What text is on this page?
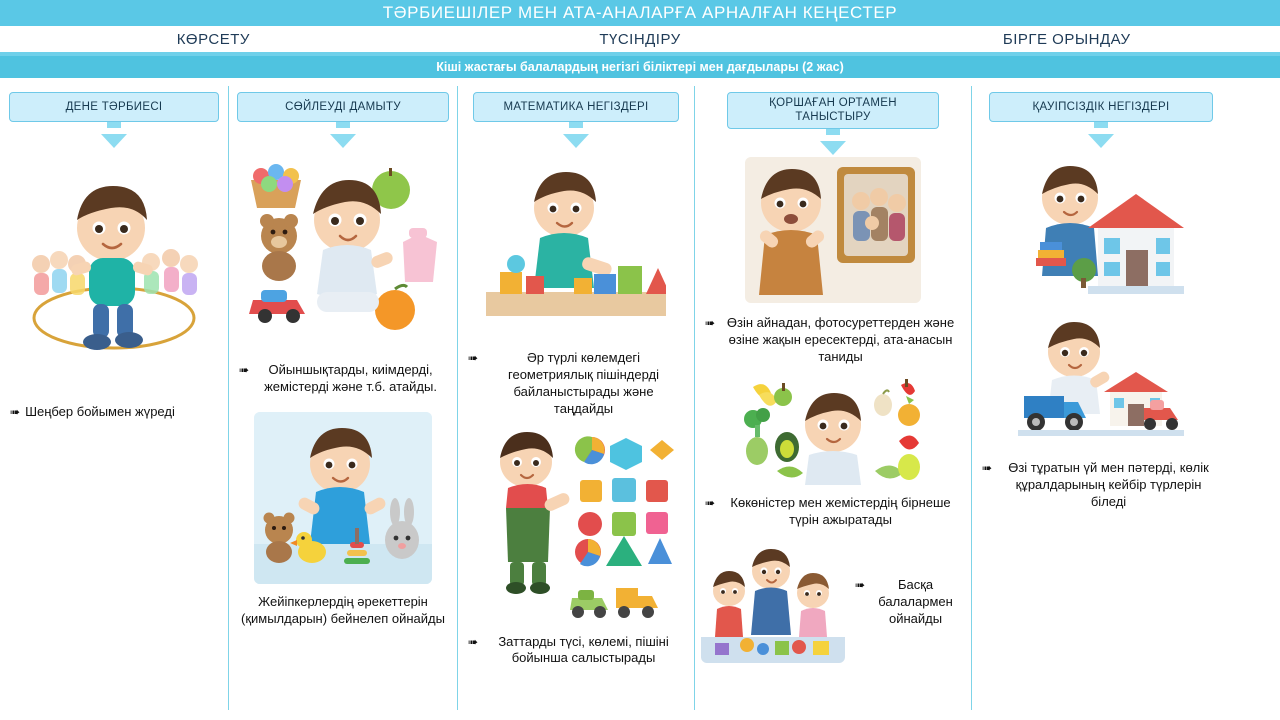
ТӘРБИЕШІЛЕР МЕН АТА-АНАЛАРҒА АРНАЛҒАН КЕҢЕСТЕР
КӨРСЕТУ	ТҮСІНДІРУ	БІРГЕ ОРЫНДАУ
Кіші жастағы балалардың негізгі біліктері мен дағдылары (2 жас)
ДЕНЕ ТӘРБИЕСІ
➠ Шеңбер бойымен жүреді
СӨЙЛЕУДІ ДАМЫТУ
➠	Ойыншықтарды, киімдерді, жемістерді және т.б. атайды.
Жейіпкерлердің әрекеттерін (қимылдарын) бейнелеп ойнайды
МАТЕМАТИКА НЕГІЗДЕРІ
➠	Әр түрлі көлемдегі геометриялық пішіндерді байланыстырады және таңдайды
➠	Заттарды түсі, көлемі, пішіні бойынша салыстырады
ҚОРШАҒАН ОРТАМЕН ТАНЫСТЫРУ
➠ Өзін айнадан, фотосуреттерден және өзіне жақын ересектерді, ата-анасын таниды
➠	Көкөністер мен жемістердің бірнеше түрін ажыратады
➠	Басқа балалармен ойнайды
ҚАУІПСІЗДІК НЕГІЗДЕРІ
➠	Өзі тұратын үй мен пәтерді, көлік құралдарының кейбір түрлерін біледі
